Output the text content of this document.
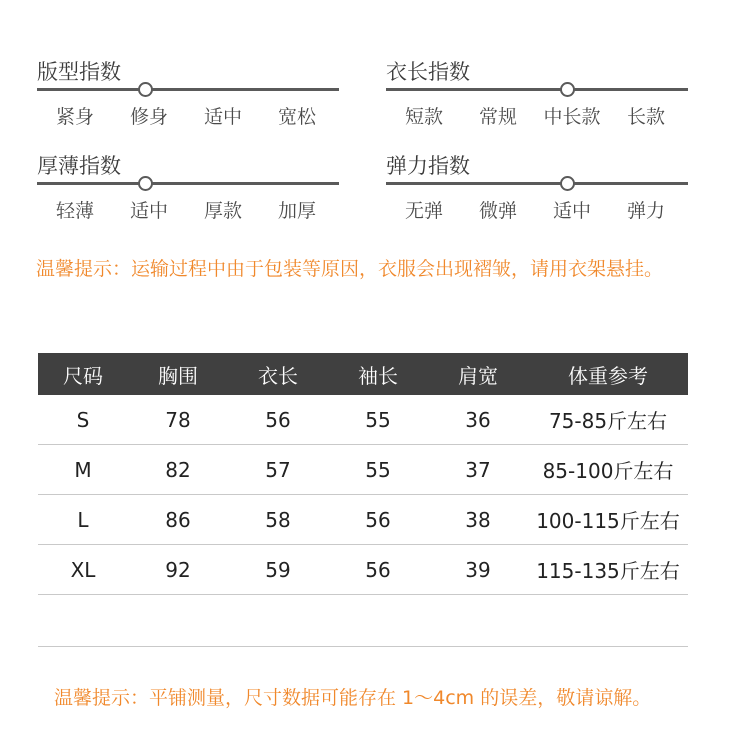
版型指数
紧身	修身	适中	宽松
衣长指数
短款	常规	中长款	长款
厚薄指数
轻薄	适中	厚款	加厚
弹力指数
无弹	微弹	适中	弹力
温馨提示：运输过程中由于包装等原因，衣服会出现褶皱，请用衣架悬挂。
尺码	胸围	衣长	袖长	肩宽	体重参考
S	78	56	55	36	75-85斤左右
M	82	57	55	37	85-100斤左右
L	86	58	56	38	100-115斤左右
XL	92	59	56	39	115-135斤左右
温馨提示：平铺测量，尺寸数据可能存在 1～4cm 的误差，敬请谅解。
